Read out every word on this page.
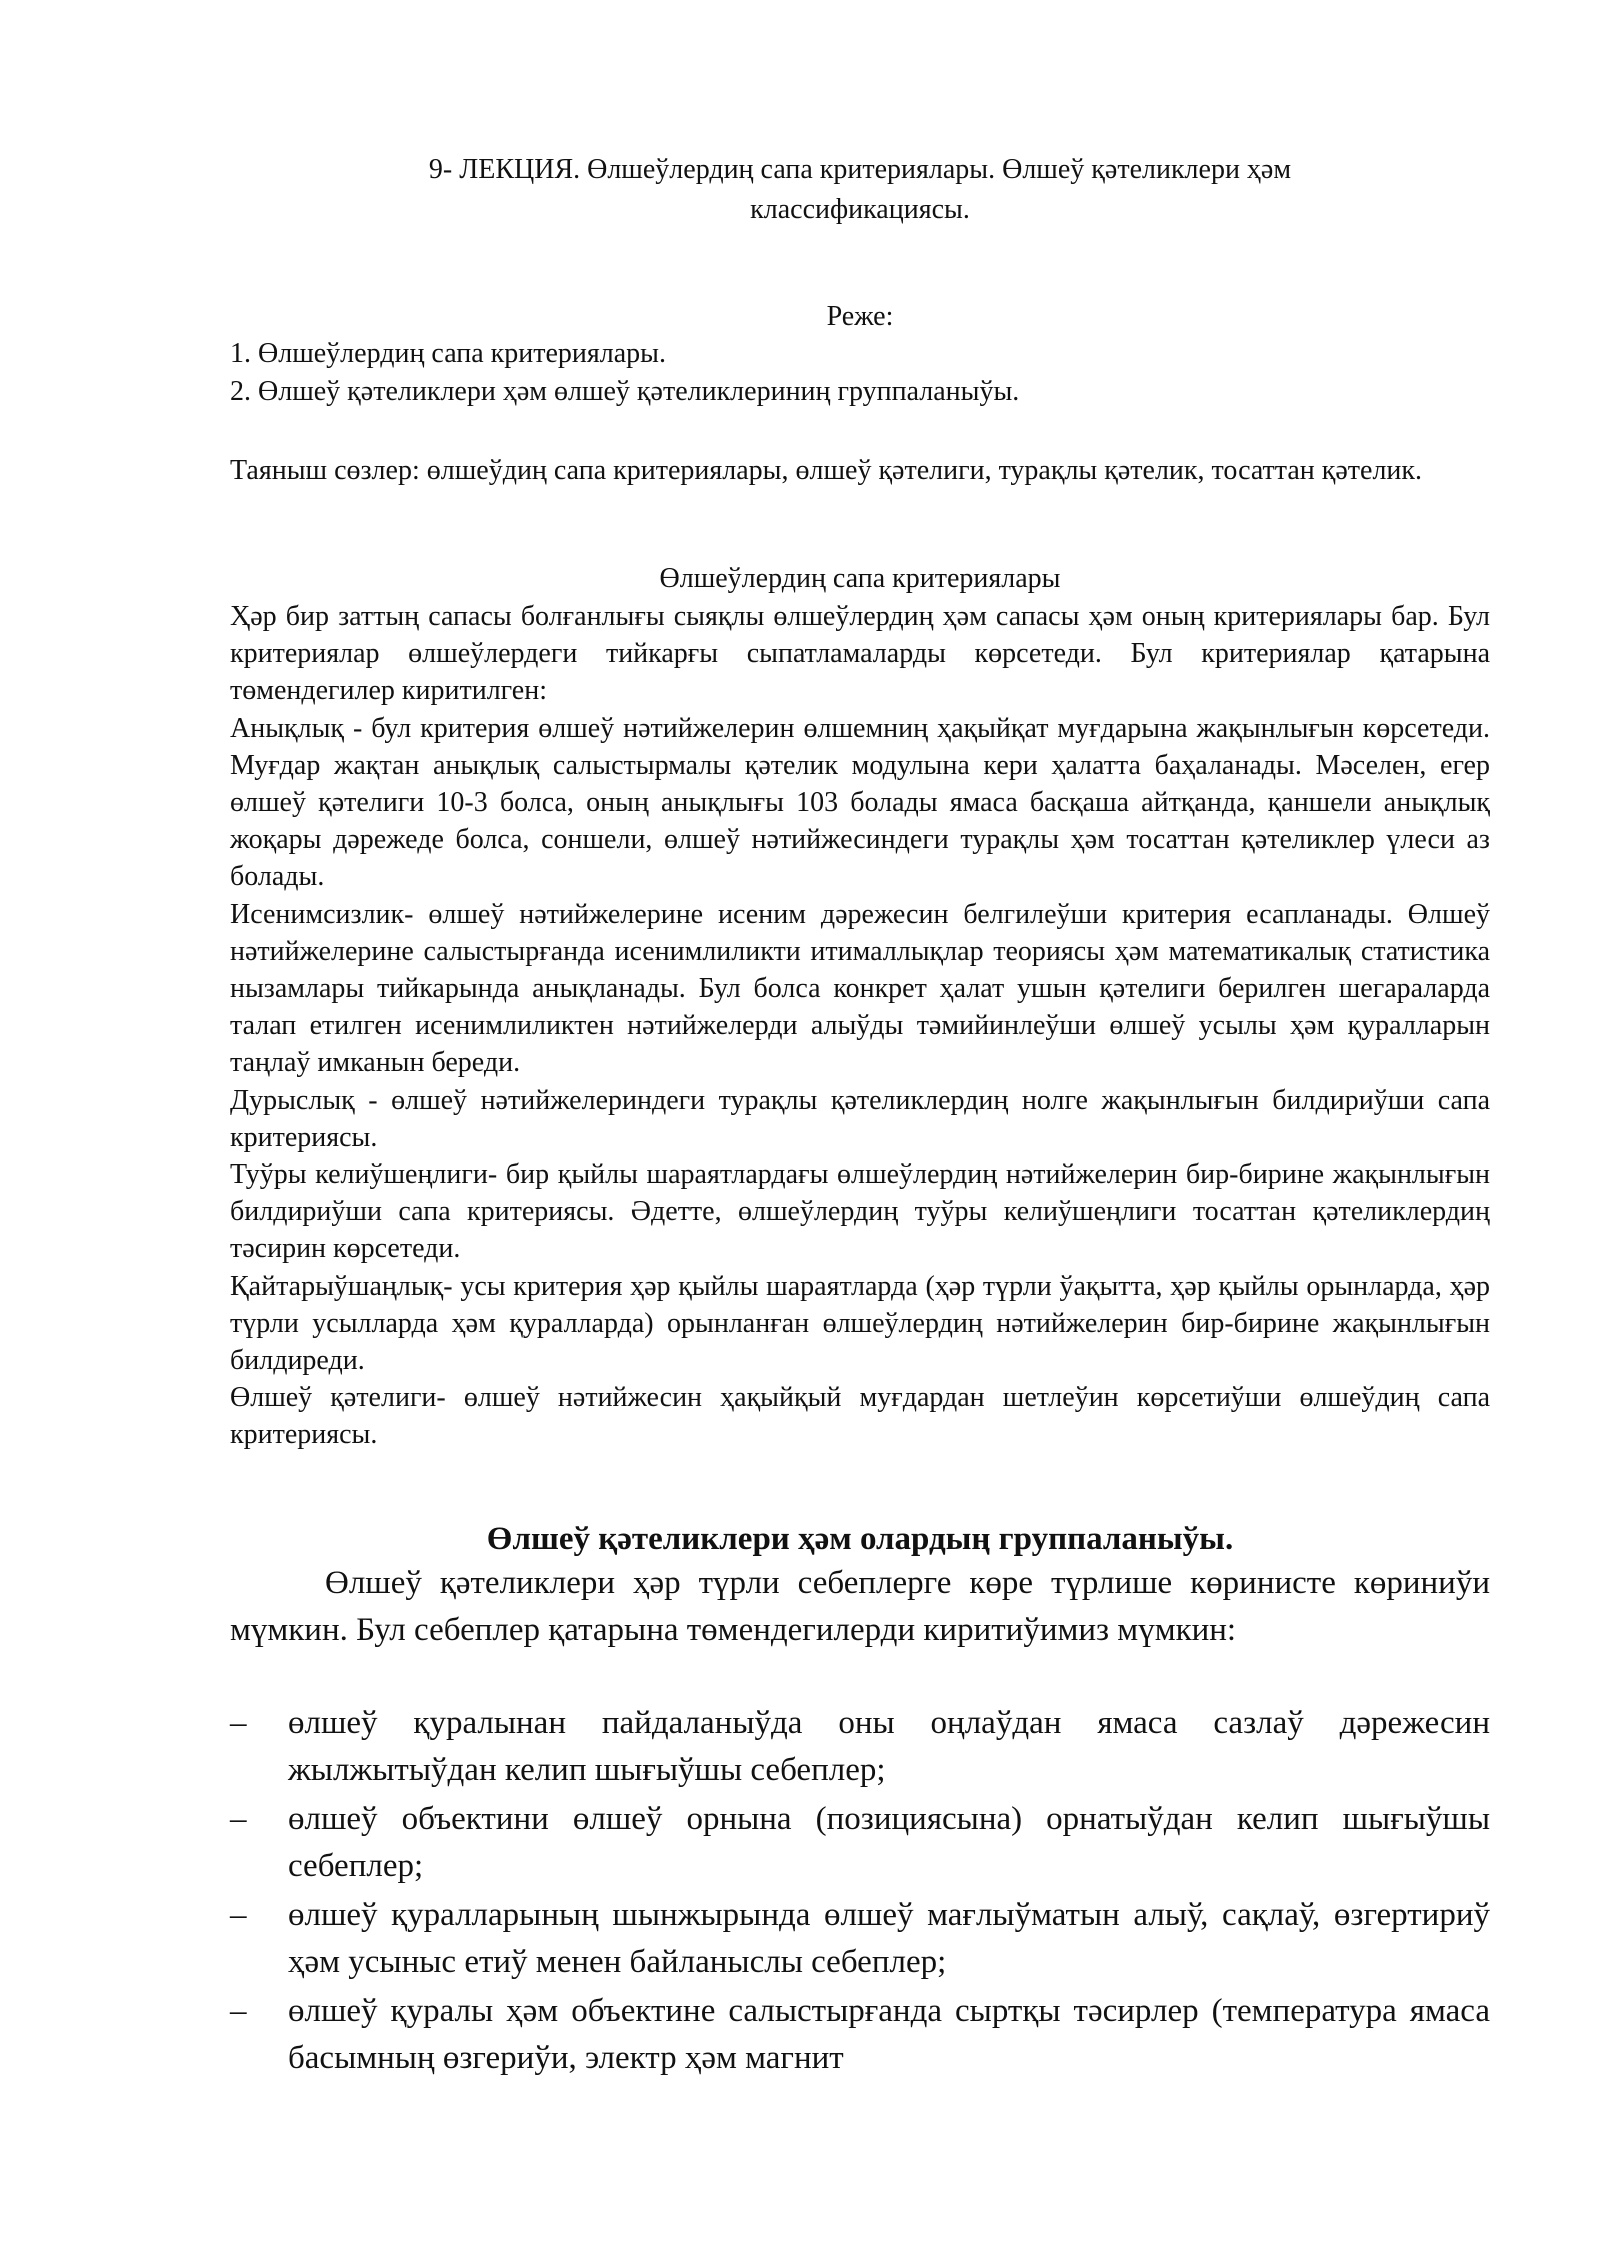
9- ЛЕКЦИЯ. Өлшеўлердиң сапа критериялары. Өлшеў қәтеликлери ҳәм
классификациясы.
Реже:
1. Өлшеўлердиң сапа критериялары.
2. Өлшеў қәтеликлери ҳәм өлшеў қәтеликлериниң группаланыўы.
Таяныш сөзлер: өлшеўдиң сапа критериялары, өлшеў қәтелиги, турақлы қәтелик, тосаттан қәтелик.
Өлшеўлердиң сапа критериялары

Ҳәр бир заттың сапасы болғанлығы сыяқлы өлшеўлердиң ҳәм сапасы ҳәм оның критериялары бар. Бул критериялар өлшеўлердеги тийкарғы сыпатламаларды көрсетеди. Бул критериялар қатарына төмендегилер киритилген:

Анықлық - бул критерия өлшеў нәтийжелерин өлшемниң ҳақыйқат муғдарына жақынлығын көрсетеди. Муғдар жақтан анықлық салыстырмалы қәтелик модулына кери ҳалатта баҳаланады. Мәселен, егер өлшеў қәтелиги 10-3 болса, оның анықлығы 103 болады ямаса басқаша айтқанда, қаншели анықлық жоқары дәрежеде болса, соншели, өлшеў нәтийжесиндеги турақлы ҳәм тосаттан қәтеликлер үлеси аз болады.

Исенимсизлик- өлшеў нәтийжелерине исеним дәрежесин белгилеўши критерия есапланады. Өлшеў нәтийжелерине салыстырғанда исенимлиликти итималлықлар теориясы ҳәм математикалық статистика нызамлары тийкарында анықланады. Бул болса конкрет ҳалат ушын қәтелиги берилген шегараларда талап етилген исенимлиликтен нәтийжелерди алыўды тәмийинлеўши өлшеў усылы ҳәм қуралларын таңлаў имканын береди.

Дурыслық - өлшеў нәтийжелериндеги турақлы қәтеликлердиң нолге жақынлығын билдириўши сапа критериясы.

Туўры келиўшеңлиги- бир қыйлы шараятлардағы өлшеўлердиң нәтийжелерин бир-бирине жақынлығын билдириўши сапа критериясы. Әдетте, өлшеўлердиң туўры келиўшеңлиги тосаттан қәтеликлердиң тәсирин көрсетеди.

Қайтарыўшаңлық- усы критерия ҳәр қыйлы шараятларда (ҳәр түрли ўақытта, ҳәр қыйлы орынларда, ҳәр түрли усылларда ҳәм қуралларда) орынланған өлшеўлердиң нәтийжелерин бир-бирине жақынлығын билдиреди.

Өлшеў қәтелиги- өлшеў нәтийжесин ҳақыйқый муғдардан шетлеўин көрсетиўши өлшеўдиң сапа критериясы.

Өлшеў қәтеликлери ҳәм олардың группаланыўы.
Өлшеў қәтеликлери ҳәр түрли себеплерге көре түрлише көринисте көриниўи мүмкин. Бул себеплер қатарына төмендегилерди киритиўимиз мүмкин:
– өлшеў қуралынан пайдаланыўда оны оңлаўдан ямаса сазлаў дәрежесин жылжытыўдан келип шығыўшы себеплер;
– өлшеў объектини өлшеў орнына (позициясына) орнатыўдан келип шығыўшы себеплер;
– өлшеў қуралларының шынжырында өлшеў мағлыўматын алыў, сақлаў, өзгертириў ҳәм усыныс етиў менен байланыслы себеплер;
– өлшеў қуралы ҳәм объектине салыстырғанда сыртқы тәсирлер (температура ямаса басымның өзгериўи, электр ҳәм магнит
